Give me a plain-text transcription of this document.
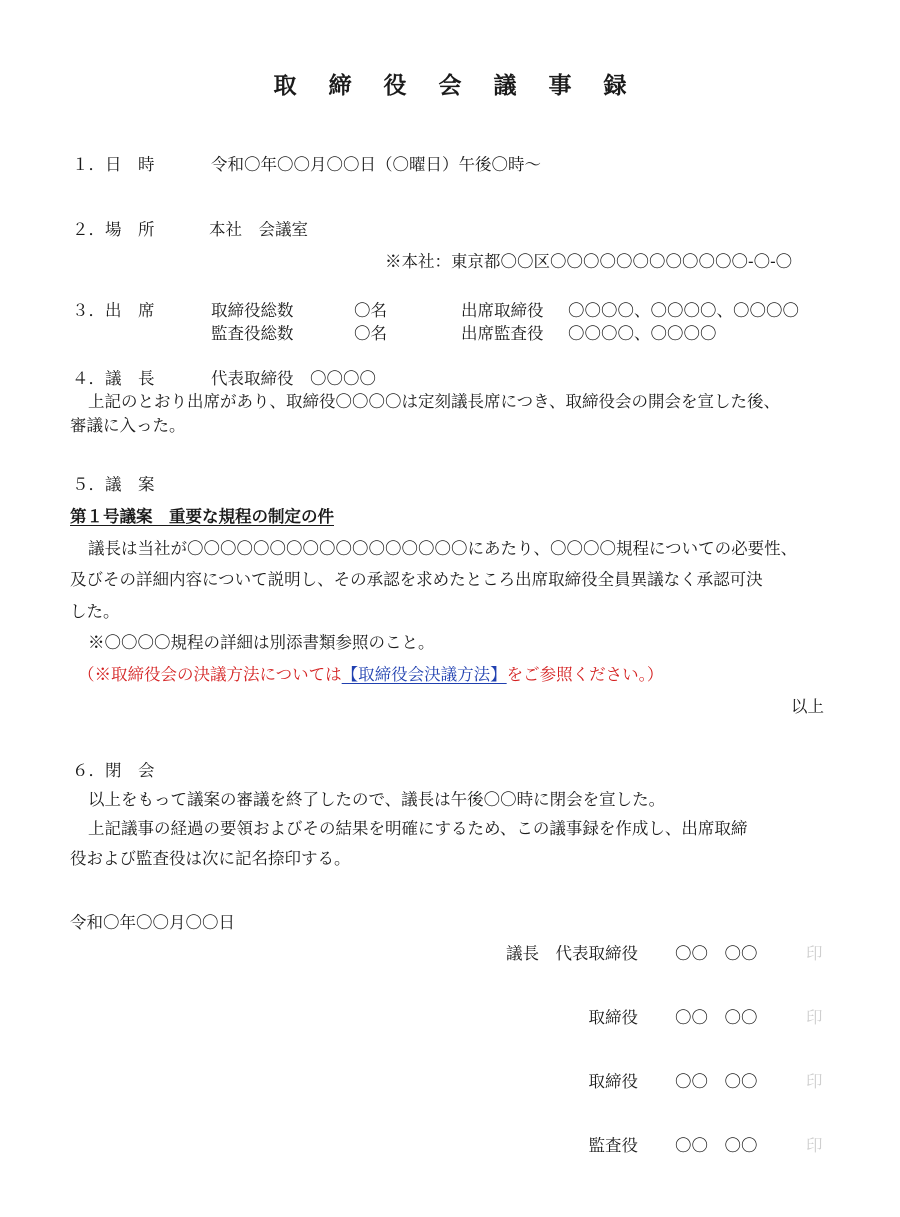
取 締 役 会 議 事 録
１．日　時	令和〇年〇〇月〇〇日（〇曜日）午後〇時～
２．場　所	本社　会議室
※本社：東京都〇〇区〇〇〇〇〇〇〇〇〇〇〇〇-〇-〇
３．出　席	取締役総数	〇名	出席取締役 〇〇〇〇、〇〇〇〇、〇〇〇〇
監査役総数	〇名	出席監査役 〇〇〇〇、〇〇〇〇
４．議　長	代表取締役　〇〇〇〇
上記のとおり出席があり、取締役〇〇〇〇は定刻議長席につき、取締役会の開会を宣した後、
審議に入った。
５．議　案
第１号議案　重要な規程の制定の件
議長は当社が〇〇〇〇〇〇〇〇〇〇〇〇〇〇〇〇〇にあたり、〇〇〇〇規程についての必要性、
及びその詳細内容について説明し、その承認を求めたところ出席取締役全員異議なく承認可決
した。
※〇〇〇〇規程の詳細は別添書類参照のこと。
（※取締役会の決議方法については【取締役会決議方法】をご参照ください。）
以上
６．閉　会
以上をもって議案の審議を終了したので、議長は午後〇〇時に閉会を宣した。
上記議事の経過の要領およびその結果を明確にするため、この議事録を作成し、出席取締
役および監査役は次に記名捺印する。
令和〇年〇〇月〇〇日
議長　代表取締役 〇〇　〇〇	印
取締役 〇〇　〇〇	印
取締役 〇〇　〇〇	印
監査役 〇〇　〇〇	印
